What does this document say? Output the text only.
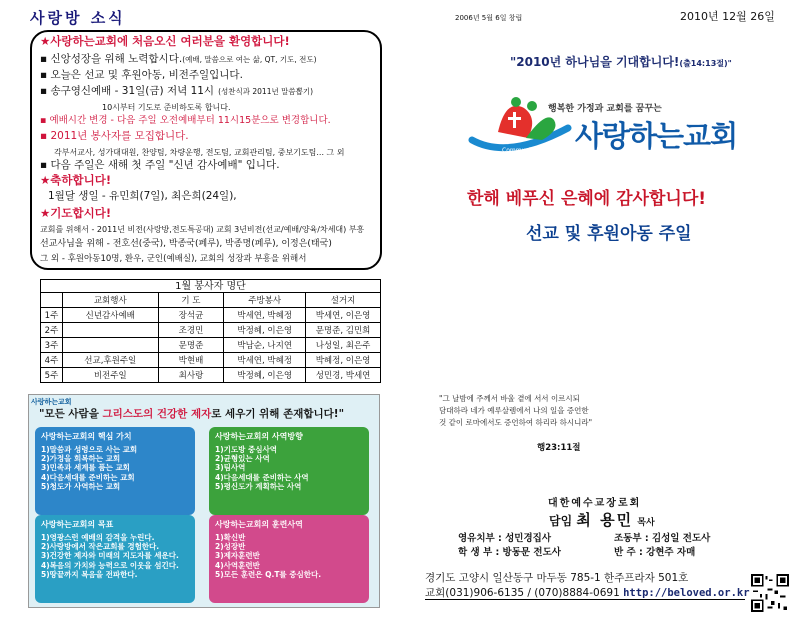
사랑방 소식
★사랑하는교회에 처음오신 여러분을 환영합니다!
▪ 신앙성장을 위해 노력합시다.(예배, 말씀으로 여는 삶, QT, 기도, 전도)
▪ 오늘은 선교 및 후원아동, 비전주일입니다.
▪ 송구영신예배 - 31일(금) 저녁 11시 (성찬식과 2011년 말씀뽑기)
10시부터 기도로 준비하도록 합니다.
▪ 예배시간 변경 - 다음 주일 오전예배부터 11시15분으로 변경합니다.
▪ 2011년 봉사자를 모집합니다.
각부서교사, 성가대대원, 찬양팀, 차량운행, 전도팀, 교회관리팀, 중보기도팀... 그 외
▪ 다음 주일은 새해 첫 주일 "신년 감사예배" 입니다.
★축하합니다!
1월달 생일 - 유민희(7일), 최은희(24일),
★기도합시다!
교회를 위해서 - 2011년 비전(사랑방,전도특공대) 교회 3년비전(선교/예배/양육/차세대) 부흥
선교사님을 위해 - 전호선(중국), 박종국(페루), 박종명(페루), 이정은(태국)
그 외 - 후원아동10명, 환우, 군인(예배실), 교회의 성장과 부흥을 위해서
1월 봉사자 명단
	교회행사	기 도	주방봉사	설거지
1주	신년감사예배	장석균	박세연, 박혜정	박세연, 이은영
2주		조경민	박정혜, 이은영	문명준, 김민희
3주		문명준	박남순, 나지연	나성일, 최은주
4주	선교,후원주일	박현배	박세연, 박혜정	박혜정, 이은영
5주	비전주일	최사랑	박정혜, 이은영	성민경, 박세연
사랑하는교회
"모든 사람을 그리스도의 건강한 제자로 세우기 위해 존재합니다!"
사랑하는교회의 핵심 가치
1)말씀과 성령으로 사는 교회
2)가정을 회복하는 교회
3)민족과 세계를 품는 교회
4)다음세대를 준비하는 교회
5)청도가 사역하는 교회
사랑하는교회의 사역방향
1)기도방 중심사역
2)균형있는 사역
3)팀사역
4)다음세대를 준비하는 사역
5)평신도가 계획하는 사역
사랑하는교회의 목표
1)영광스런 예배의 감격을 누린다.
2)사랑방에서 작은교회를 경험한다.
3)건강한 제자와 미래의 지도자를 세운다.
4)복음의 가치와 능력으로 이웃을 섬긴다.
5)땅끝까지 복음을 전파한다.
사랑하는교회의 훈련사역
1)확신반
2)성장반
3)제자훈련반
4)사역훈련반
5)모든 훈련은 Q.T를 중심한다.
2006년 5월 6일 창립	2010년 12월 26일
"2010년 하나님을 기대합니다!(출14:13절)"
Community Church
행복한 가정과 교회를 꿈꾸는
사랑하는교회
한해 베푸신 은혜에 감사합니다!
선교 및 후원아동 주일
"그 날밤에 주께서 바울 곁에 서서 이르시되
담대하라 네가 예루살렘에서 나의 일을 증언한
것 같이 로마에서도 증언하여 하리라 하시니라"
행23:11절
대한예수교장로회
담임 최 용민 목사
영유치부 : 성민경집사	조동부 : 김성일 전도사
학 생 부 : 방동문 전도사	반 주 : 강현주 자매
경기도 고양시 일산동구 마두동 785-1 한주프라자 501호
교회(031)906-6135 / (070)8884-0691 http://beloved.or.kr
